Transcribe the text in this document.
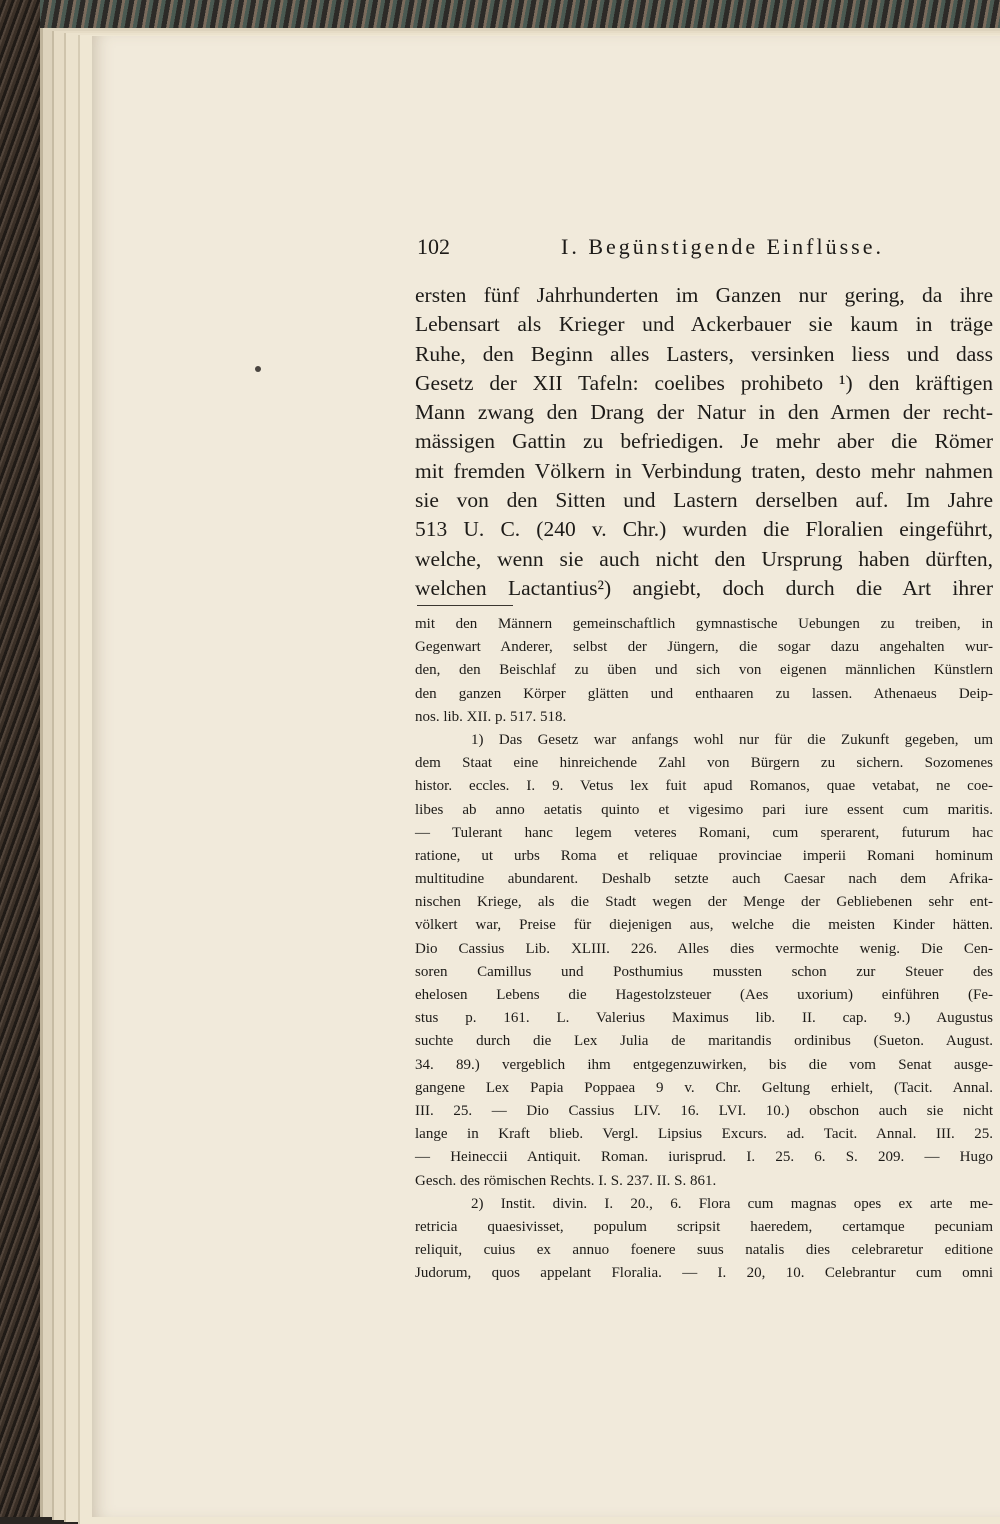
102	I. Begünstigende Einflüsse.
ersten fünf Jahrhunderten im Ganzen nur gering, da ihre
Lebensart als Krieger und Ackerbauer sie kaum in träge
Ruhe, den Beginn alles Lasters, versinken liess und dass
Gesetz der XII Tafeln: coelibes prohibeto ¹) den kräftigen
Mann zwang den Drang der Natur in den Armen der recht-
mässigen Gattin zu befriedigen. Je mehr aber die Römer
mit fremden Völkern in Verbindung traten, desto mehr nahmen
sie von den Sitten und Lastern derselben auf. Im Jahre
513 U. C. (240 v. Chr.) wurden die Floralien eingeführt,
welche, wenn sie auch nicht den Ursprung haben dürften,
welchen Lactantius²) angiebt, doch durch die Art ihrer
mit den Männern gemeinschaftlich gymnastische Uebungen zu treiben, in
Gegenwart Anderer, selbst der Jüngern, die sogar dazu angehalten wur-
den, den Beischlaf zu üben und sich von eigenen männlichen Künstlern
den ganzen Körper glätten und enthaaren zu lassen. Athenaeus Deip-
nos. lib. XII. p. 517. 518.
1) Das Gesetz war anfangs wohl nur für die Zukunft gegeben, um
dem Staat eine hinreichende Zahl von Bürgern zu sichern. Sozomenes
histor. eccles. I. 9. Vetus lex fuit apud Romanos, quae vetabat, ne coe-
libes ab anno aetatis quinto et vigesimo pari iure essent cum maritis.
— Tulerant hanc legem veteres Romani, cum sperarent, futurum hac
ratione, ut urbs Roma et reliquae provinciae imperii Romani hominum
multitudine abundarent. Deshalb setzte auch Caesar nach dem Afrika-
nischen Kriege, als die Stadt wegen der Menge der Gebliebenen sehr ent-
völkert war, Preise für diejenigen aus, welche die meisten Kinder hätten.
Dio Cassius Lib. XLIII. 226. Alles dies vermochte wenig. Die Cen-
soren Camillus und Posthumius mussten schon zur Steuer des
ehelosen Lebens die Hagestolzsteuer (Aes uxorium) einführen (Fe-
stus p. 161. L. Valerius Maximus lib. II. cap. 9.) Augustus
suchte durch die Lex Julia de maritandis ordinibus (Sueton. August.
34. 89.) vergeblich ihm entgegenzuwirken, bis die vom Senat ausge-
gangene Lex Papia Poppaea 9 v. Chr. Geltung erhielt, (Tacit. Annal.
III. 25. — Dio Cassius LIV. 16. LVI. 10.) obschon auch sie nicht
lange in Kraft blieb. Vergl. Lipsius Excurs. ad. Tacit. Annal. III. 25.
— Heineccii Antiquit. Roman. iurisprud. I. 25. 6. S. 209. — Hugo
Gesch. des römischen Rechts. I. S. 237. II. S. 861.
2) Instit. divin. I. 20., 6. Flora cum magnas opes ex arte me-
retricia quaesivisset, populum scripsit haeredem, certamque pecuniam
reliquit, cuius ex annuo foenere suus natalis dies celebraretur editione
Judorum, quos appelant Floralia. — I. 20, 10. Celebrantur cum omni
